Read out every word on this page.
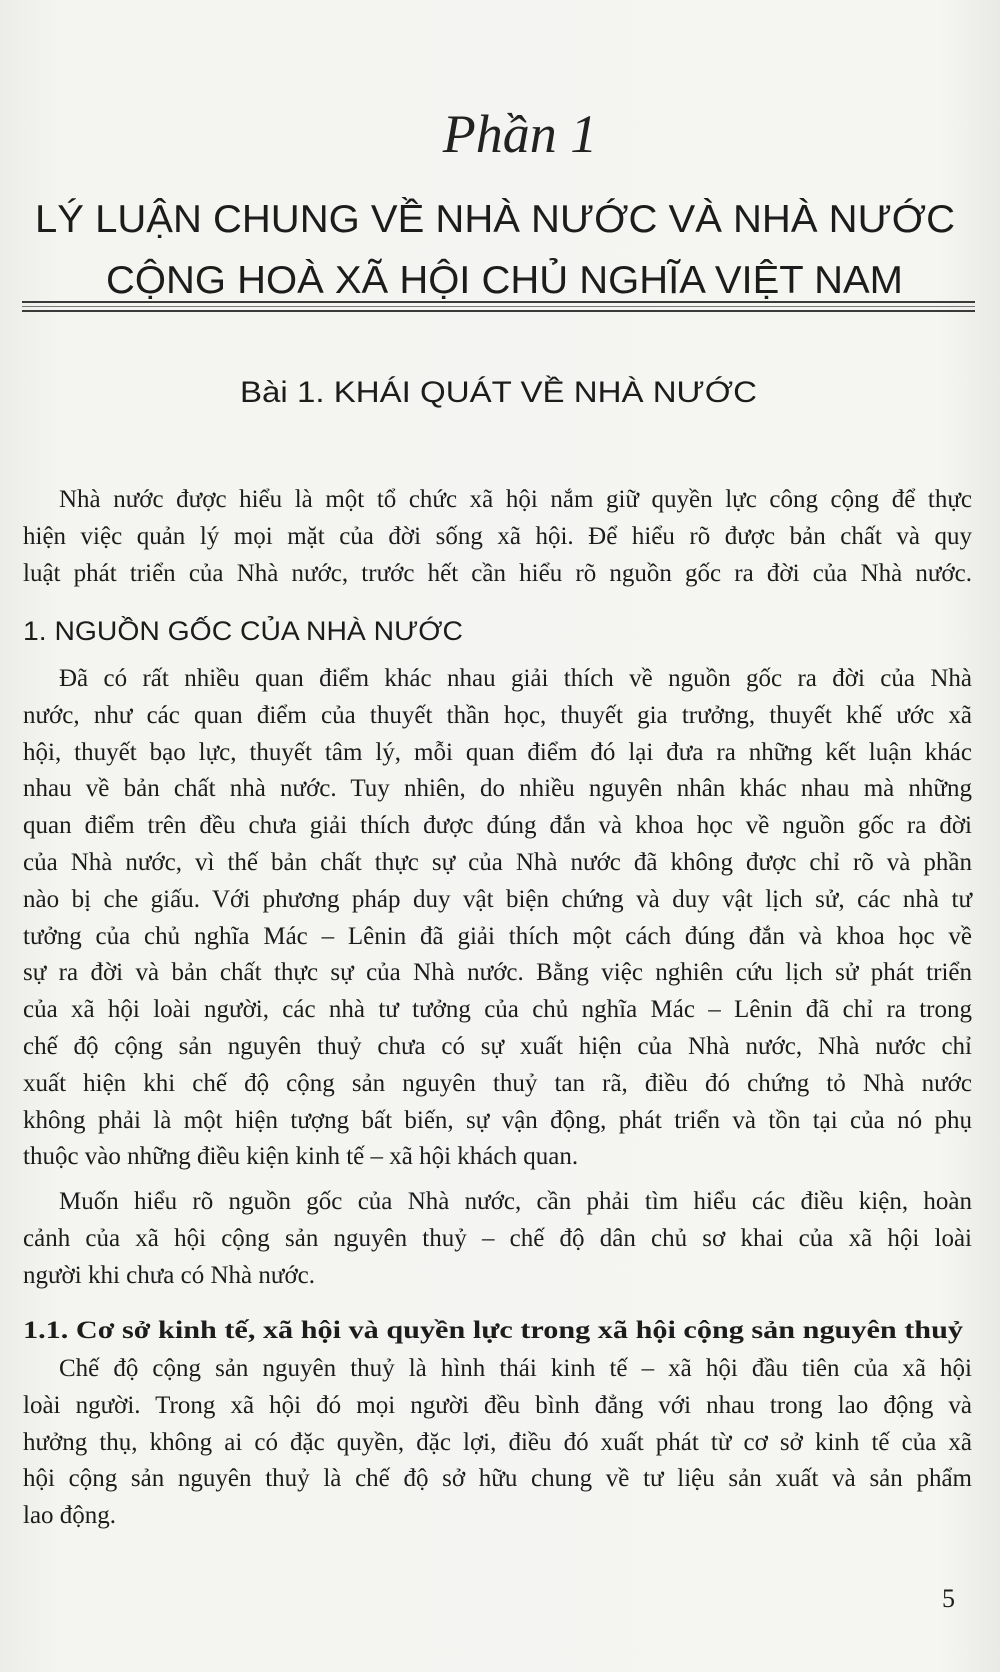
Phần 1
LÝ LUẬN CHUNG VỀ NHÀ NƯỚC VÀ NHÀ NƯỚC
CỘNG HOÀ XÃ HỘI CHỦ NGHĨA VIỆT NAM
Bài 1. KHÁI QUÁT VỀ NHÀ NƯỚC
Nhà nước được hiểu là một tổ chức xã hội nắm giữ quyền lực công cộng để thực
hiện việc quản lý mọi mặt của đời sống xã hội. Để hiểu rõ được bản chất và quy
luật phát triển của Nhà nước, trước hết cần hiểu rõ nguồn gốc ra đời của Nhà nước.
1. NGUỒN GỐC CỦA NHÀ NƯỚC
Đã có rất nhiều quan điểm khác nhau giải thích về nguồn gốc ra đời của Nhà
nước, như các quan điểm của thuyết thần học, thuyết gia trưởng, thuyết khế ước xã
hội, thuyết bạo lực, thuyết tâm lý, mỗi quan điểm đó lại đưa ra những kết luận khác
nhau về bản chất nhà nước. Tuy nhiên, do nhiều nguyên nhân khác nhau mà những
quan điểm trên đều chưa giải thích được đúng đắn và khoa học về nguồn gốc ra đời
của Nhà nước, vì thế bản chất thực sự của Nhà nước đã không được chỉ rõ và phần
nào bị che giấu. Với phương pháp duy vật biện chứng và duy vật lịch sử, các nhà tư
tưởng của chủ nghĩa Mác – Lênin đã giải thích một cách đúng đắn và khoa học về
sự ra đời và bản chất thực sự của Nhà nước. Bằng việc nghiên cứu lịch sử phát triển
của xã hội loài người, các nhà tư tưởng của chủ nghĩa Mác – Lênin đã chỉ ra trong
chế độ cộng sản nguyên thuỷ chưa có sự xuất hiện của Nhà nước, Nhà nước chỉ
xuất hiện khi chế độ cộng sản nguyên thuỷ tan rã, điều đó chứng tỏ Nhà nước
không phải là một hiện tượng bất biến, sự vận động, phát triển và tồn tại của nó phụ
thuộc vào những điều kiện kinh tế – xã hội khách quan.
Muốn hiểu rõ nguồn gốc của Nhà nước, cần phải tìm hiểu các điều kiện, hoàn
cảnh của xã hội cộng sản nguyên thuỷ – chế độ dân chủ sơ khai của xã hội loài
người khi chưa có Nhà nước.
1.1. Cơ sở kinh tế, xã hội và quyền lực trong xã hội cộng sản nguyên thuỷ
Chế độ cộng sản nguyên thuỷ là hình thái kinh tế – xã hội đầu tiên của xã hội
loài người. Trong xã hội đó mọi người đều bình đẳng với nhau trong lao động và
hưởng thụ, không ai có đặc quyền, đặc lợi, điều đó xuất phát từ cơ sở kinh tế của xã
hội cộng sản nguyên thuỷ là chế độ sở hữu chung về tư liệu sản xuất và sản phẩm
lao động.
5
